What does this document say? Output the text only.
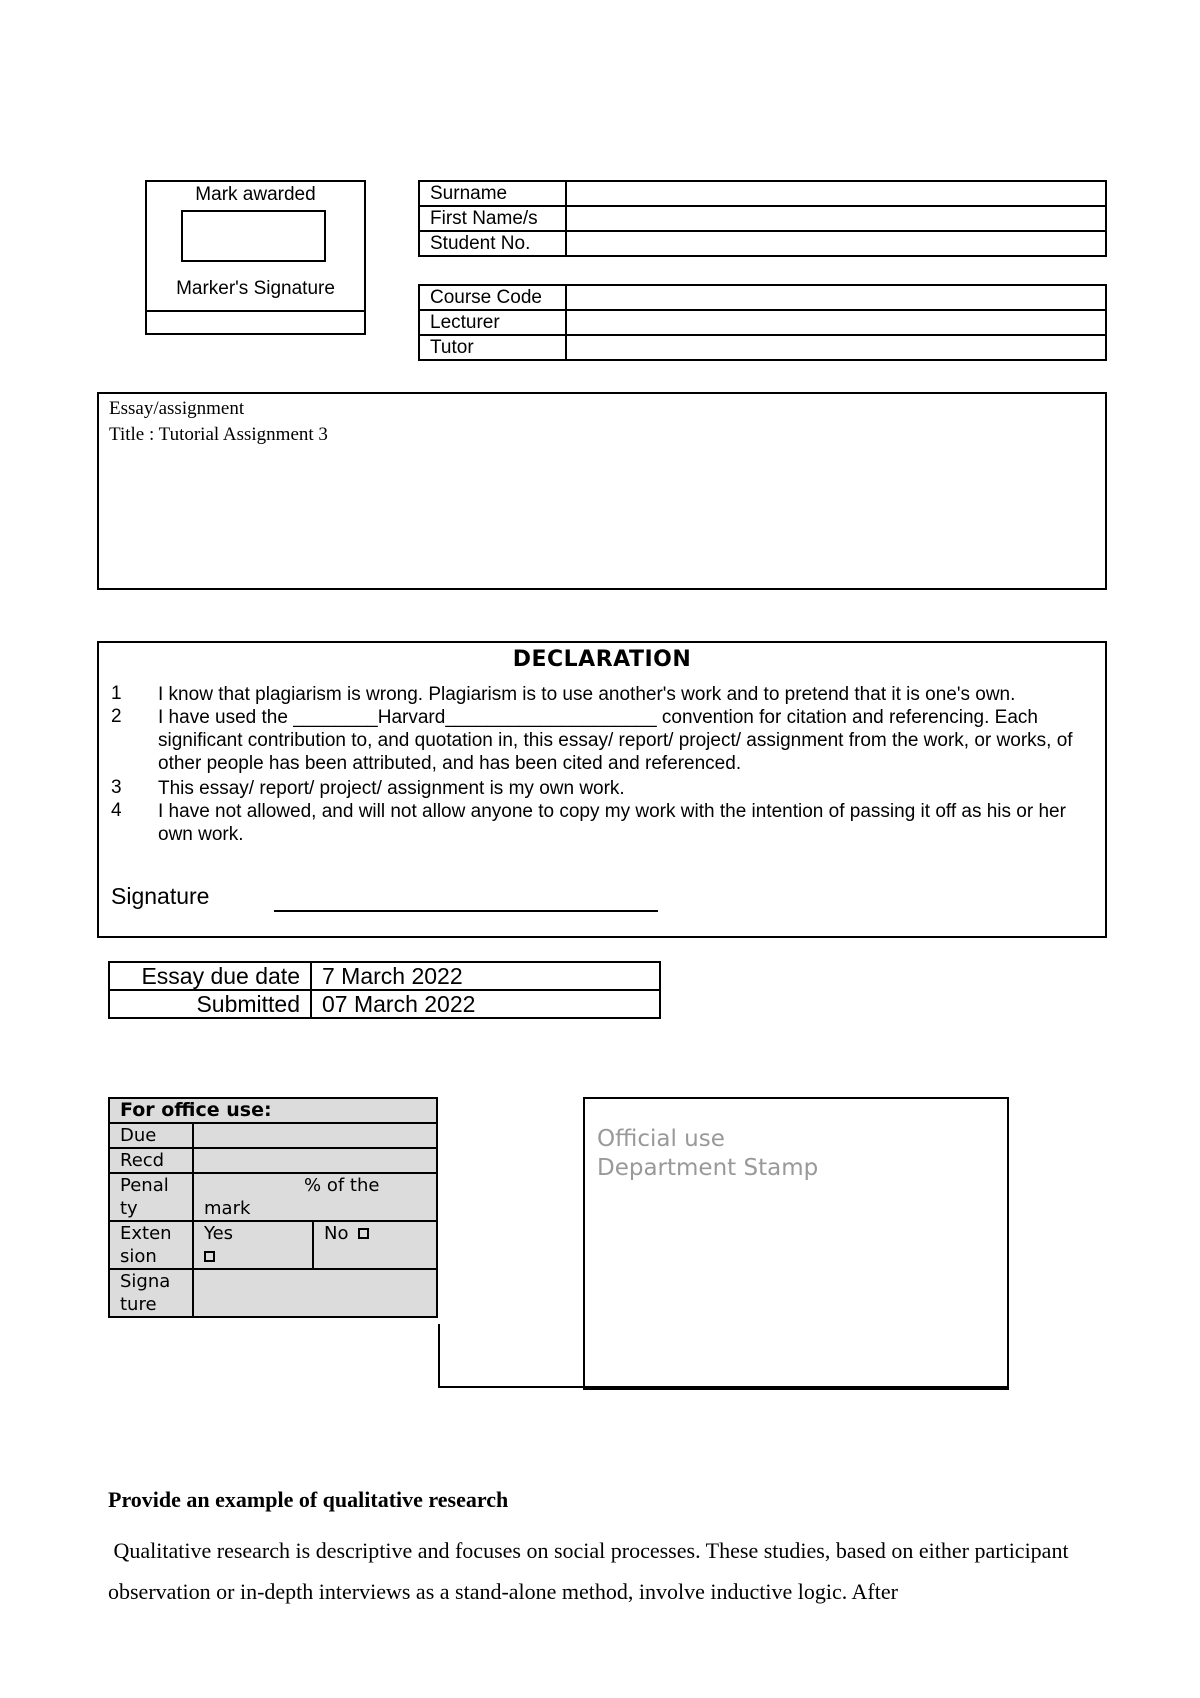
Mark awarded
Marker's Signature
Surname	
First Name/s	
Student No.	
Course Code	
Lecturer	
Tutor	
Essay/assignment
Title : Tutorial Assignment 3
DECLARATION
1 I know that plagiarism is wrong. Plagiarism is to use another's work and to pretend that it is one's own.
2 I have used the ________Harvard____________________ convention for citation and referencing. Each significant contribution to, and quotation in, this essay/ report/ project/ assignment from the work, or works, of other people has been attributed, and has been cited and referenced.
3 This essay/ report/ project/ assignment is my own work.
4 I have not allowed, and will not allow anyone to copy my work with the intention of passing it off as his or her own work.
Signature
Essay due date	7 March 2022
Submitted	07 March 2022
For office use:		
Due		
Recd		
Penal ty	% of the
mark	

Exten sion	Yes	No
Signa ture		
Official use
Department Stamp
Provide an example of qualitative research
Qualitative research is descriptive and focuses on social processes. These studies, based on either participant observation or in-depth interviews as a stand-alone method, involve inductive logic. After
